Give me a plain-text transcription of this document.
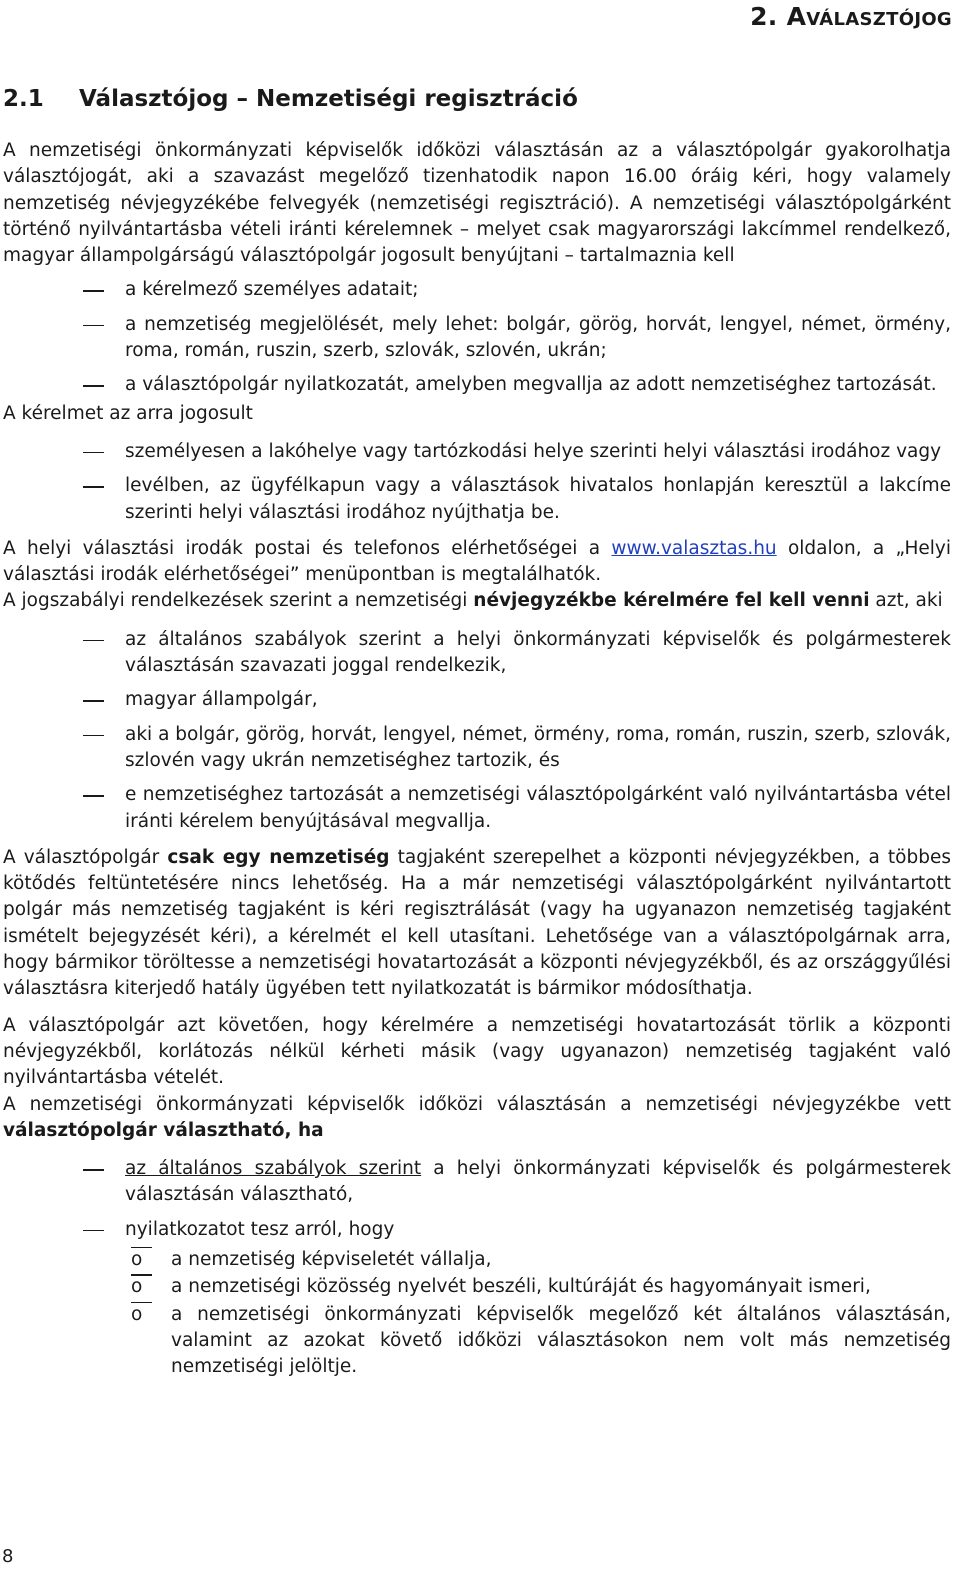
2. AVÁLASZTÓJOG
2.1 Választójog – Nemzetiségi regisztráció

A nemzetiségi önkormányzati képviselők időközi választásán az a választópolgár gyakorolhatja választójogát, aki a szavazást megelőző tizenhatodik napon 16.00 óráig kéri, hogy valamely nemzetiség névjegyzékébe felvegyék (nemzetiségi regisztráció). A nemzetiségi választópolgárként történő nyilvántartásba vételi iránti kérelemnek – melyet csak magyarországi lakcímmel rendelkező, magyar állampolgárságú választópolgár jogosult benyújtani – tartalmaznia kell

a kérelmező személyes adatait;
a nemzetiség megjelölését, mely lehet: bolgár, görög, horvát, lengyel, német, örmény, roma, román, ruszin, szerb, szlovák, szlovén, ukrán;
a választópolgár nyilatkozatát, amelyben megvallja az adott nemzetiséghez tartozását.

A kérelmet az arra jogosult

személyesen a lakóhelye vagy tartózkodási helye szerinti helyi választási irodához vagy
levélben, az ügyfélkapun vagy a választások hivatalos honlapján keresztül a lakcíme szerinti helyi választási irodához nyújthatja be.

A helyi választási irodák postai és telefonos elérhetőségei a www.valasztas.hu oldalon, a „Helyi választási irodák elérhetőségei” menüpontban is megtalálhatók.

A jogszabályi rendelkezések szerint a nemzetiségi névjegyzékbe kérelmére fel kell venni azt, aki

az általános szabályok szerint a helyi önkormányzati képviselők és polgármesterek választásán szavazati joggal rendelkezik,
magyar állampolgár,
aki a bolgár, görög, horvát, lengyel, német, örmény, roma, román, ruszin, szerb, szlovák, szlovén vagy ukrán nemzetiséghez tartozik, és
e nemzetiséghez tartozását a nemzetiségi választópolgárként való nyilvántartásba vétel iránti kérelem benyújtásával megvallja.

A választópolgár csak egy nemzetiség tagjaként szerepelhet a központi névjegyzékben, a többes kötődés feltüntetésére nincs lehetőség. Ha a már nemzetiségi választópolgárként nyilvántartott polgár más nemzetiség tagjaként is kéri regisztrálását (vagy ha ugyanazon nemzetiség tagjaként ismételt bejegyzését kéri), a kérelmét el kell utasítani. Lehetősége van a választópolgárnak arra, hogy bármikor töröltesse a nemzetiségi hovatartozását a központi névjegyzékből, és az országgyűlési választásra kiterjedő hatály ügyében tett nyilatkozatát is bármikor módosíthatja.

A választópolgár azt követően, hogy kérelmére a nemzetiségi hovatartozását törlik a központi névjegyzékből, korlátozás nélkül kérheti másik (vagy ugyanazon) nemzetiség tagjaként való nyilvántartásba vételét.

A nemzetiségi önkormányzati képviselők időközi választásán a nemzetiségi névjegyzékbe vett választópolgár választható, ha

az általános szabályok szerint a helyi önkormányzati képviselők és polgármesterek választásán választható,
nyilatkozatot tesz arról, hogy
o	a nemzetiség képviseletét vállalja,
o	a nemzetiségi közösség nyelvét beszéli, kultúráját és hagyományait ismeri,
o	a nemzetiségi önkormányzati képviselők megelőző két általános választásán, valamint az azokat követő időközi választásokon nem volt más nemzetiség nemzetiségi jelöltje.
8
